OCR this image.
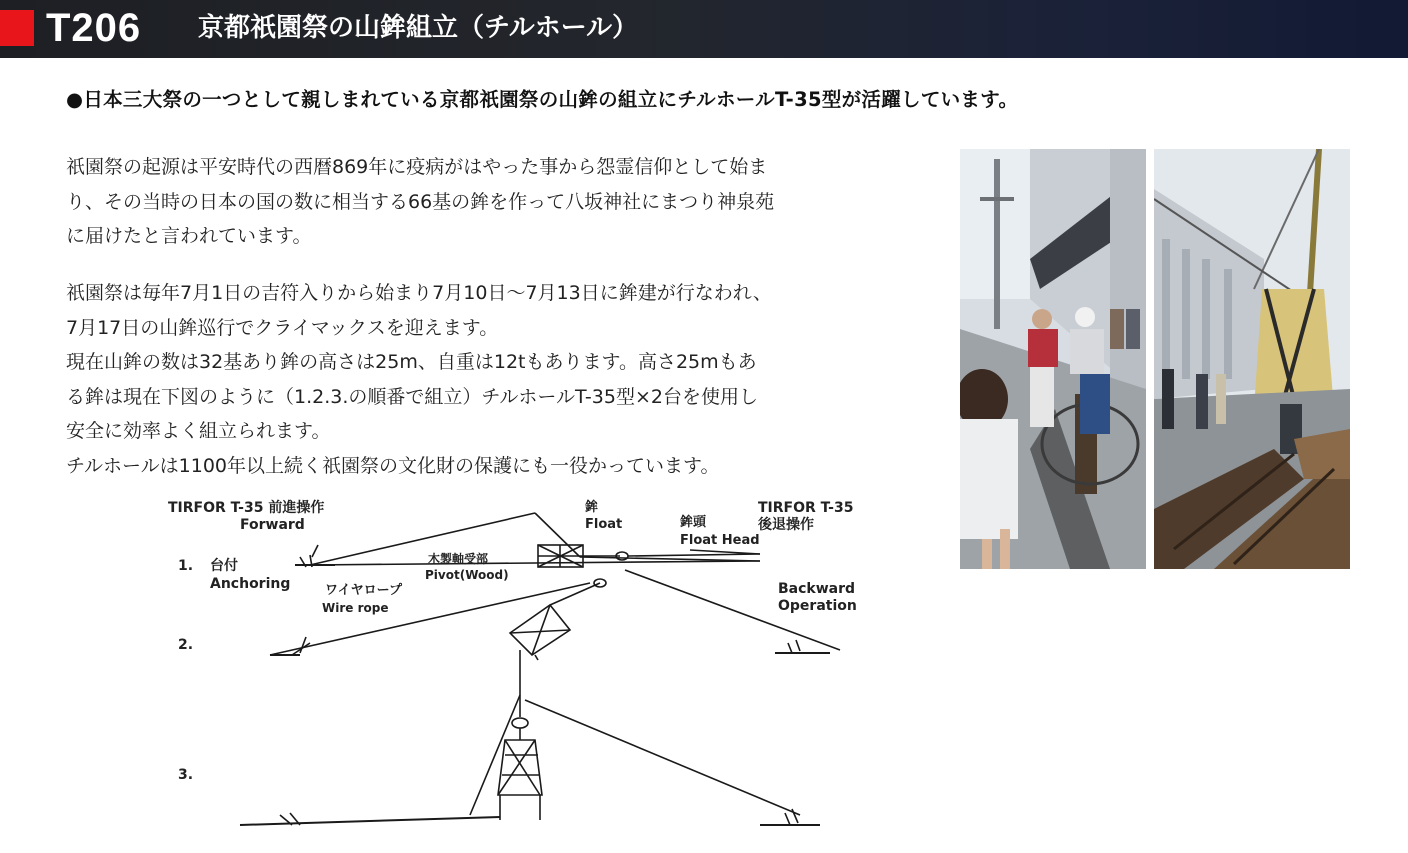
T206 京都祇園祭の山鉾組立（チルホール）
●日本三大祭の一つとして親しまれている京都祇園祭の山鉾の組立にチルホールT-35型が活躍しています。

祇園祭の起源は平安時代の西暦869年に疫病がはやった事から怨霊信仰として始ま

り、その当時の日本の国の数に相当する66基の鉾を作って八坂神社にまつり神泉苑

に届けたと言われています。

祇園祭は毎年7月1日の吉符入りから始まり7月10日～7月13日に鉾建が行なわれ、

7月17日の山鉾巡行でクライマックスを迎えます。

現在山鉾の数は32基あり鉾の高さは25m、自重は12tもあります。高さ25mもあ

る鉾は現在下図のように（1.2.3.の順番で組立）チルホールT-35型×2台を使用し

安全に効率よく組立られます。

チルホールは1100年以上続く祇園祭の文化財の保護にも一役かっています。

TIRFOR T-35 前進操作
Forward
鉾
Float	鉾頭
Float Head
TIRFOR T-35
後退操作
1. 台付
Anchoring
木製軸受部
Pivot(Wood)
ワイヤロープ
Wire rope
Backward
Operation
2.
3.
